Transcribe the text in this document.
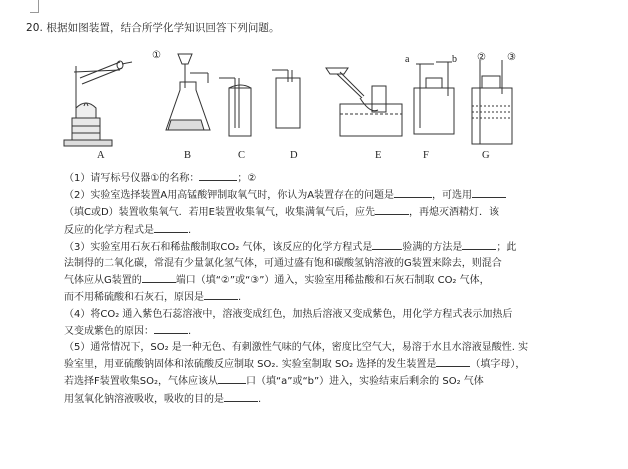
20. 根据如图装置，结合所学化学知识回答下列问题。
①	a	b ② ③
A	B	C	D	E	F	G
（1）请写标号仪器①的名称：	；②
（2）实验室选择装置A用高锰酸钾制取氧气时，你认为A装置存在的问题是	，可选用
（填C或D）装置收集氧气．若用E装置收集氧气，收集满氧气后，应先	，再熄灭酒精灯．该
反应的化学方程式是	.
（3）实验室用石灰石和稀盐酸制取CO₂ 气体，该反应的化学方程式是	验满的方法是	；此
法制得的二氧化碳，常混有少量氯化氢气体，可通过盛有饱和碳酸氢钠溶液的G装置来除去，则混合
气体应从G装置的	端口（填“②”或“③”）通入，实验室用稀盐酸和石灰石制取 CO₂ 气体，
而不用稀硫酸和石灰石，原因是	.
（4）将CO₂ 通入紫色石蕊溶液中，溶液变成红色，加热后溶液又变成紫色，用化学方程式表示加热后
又变成紫色的原因：	.
（5）通常情况下，SO₂ 是一种无色、有刺激性气味的气体，密度比空气大，易溶于水且水溶液显酸性. 实
验室里，用亚硫酸钠固体和浓硫酸反应制取 SO₂. 实验室制取 SO₂ 选择的发生装置是	（填字母），
若选择F装置收集SO₂，气体应该从	口（填“a”或“b”）进入，实验结束后剩余的 SO₂ 气体
用氢氧化钠溶液吸收，吸收的目的是	.
